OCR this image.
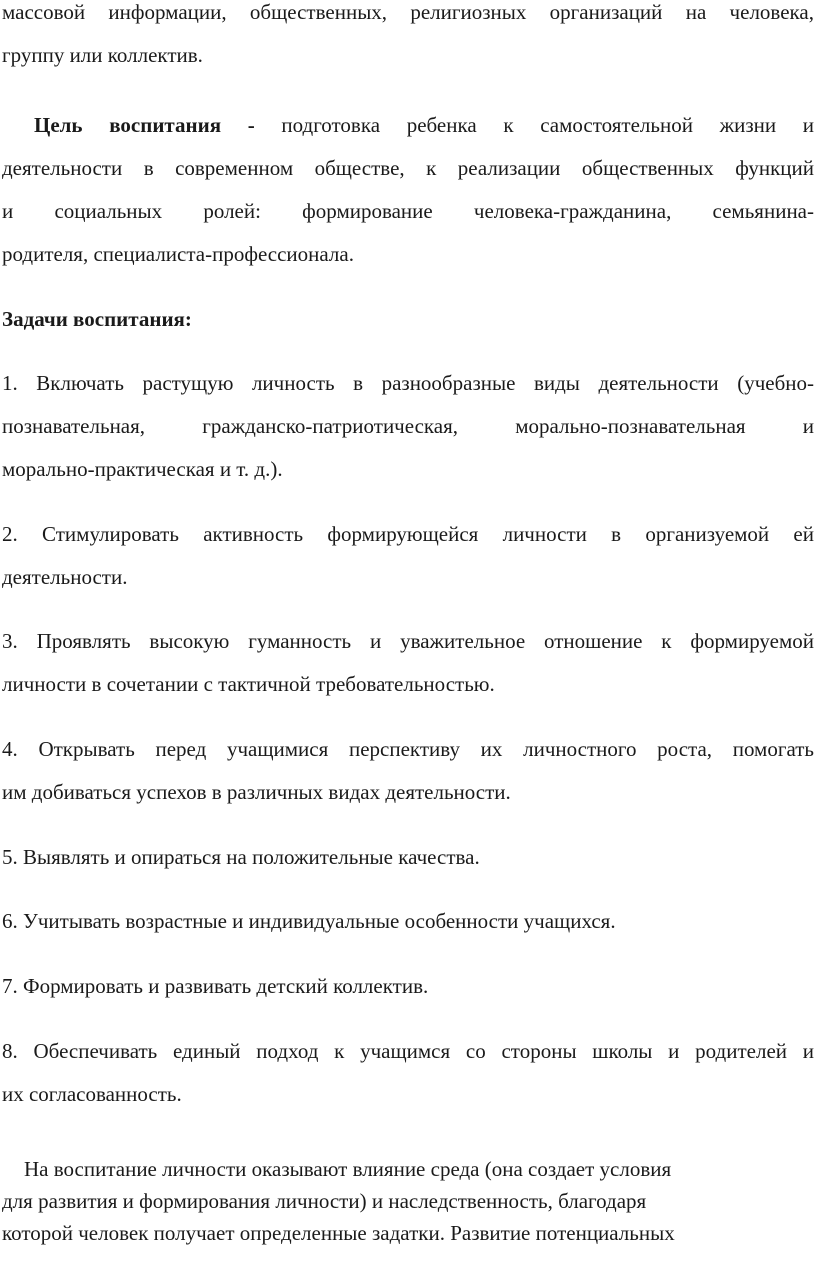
массовой информации, общественных, религиозных организаций на человека,
группу или коллектив.
Цель воспитания - подготовка ребенка к самостоятельной жизни и
деятельности в современном обществе, к реализации общественных функций
и социальных ролей: формирование человека-гражданина, семьянина-
родителя, специалиста-профессионала.
Задачи воспитания:
1. Включать растущую личность в разнообразные виды деятельности (учебно-
познавательная, гражданско-патриотическая, морально-познавательная и
морально-практическая и т. д.).
2. Стимулировать активность формирующейся личности в организуемой ей
деятельности.
3. Проявлять высокую гуманность и уважительное отношение к формируемой
личности в сочетании с тактичной требовательностью.
4. Открывать перед учащимися перспективу их личностного роста, помогать
им добиваться успехов в различных видах деятельности.
5. Выявлять и опираться на положительные качества.
6. Учитывать возрастные и индивидуальные особенности учащихся.
7. Формировать и развивать детский коллектив.
8. Обеспечивать единый подход к учащимся со стороны школы и родителей и
их согласованность.
На воспитание личности оказывают влияние среда (она создает условия
для развития и формирования личности) и наследственность, благодаря
которой человек получает определенные задатки. Развитие потенциальных
